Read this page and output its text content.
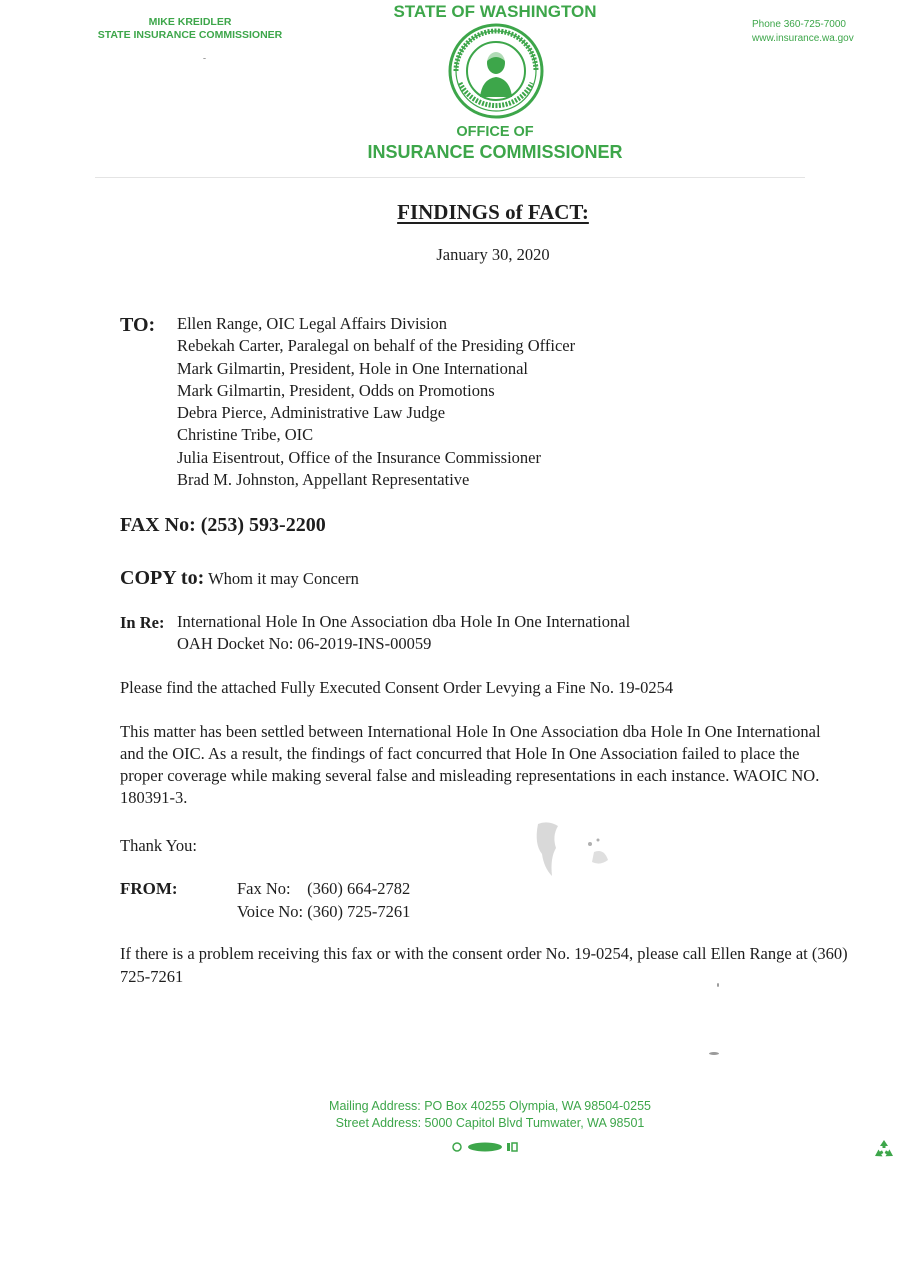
MIKE KREIDLER
STATE INSURANCE COMMISSIONER
STATE OF WASHINGTON
Phone 360-725-7000
www.insurance.wa.gov
OFFICE OF
INSURANCE COMMISSIONER
FINDINGS of FACT:
January 30, 2020
TO: Ellen Range, OIC Legal Affairs Division
Rebekah Carter, Paralegal on behalf of the Presiding Officer
Mark Gilmartin, President, Hole in One International
Mark Gilmartin, President, Odds on Promotions
Debra Pierce, Administrative Law Judge
Christine Tribe, OIC
Julia Eisentrout, Office of the Insurance Commissioner
Brad M. Johnston, Appellant Representative
FAX No: (253) 593-2200
COPY to: Whom it may Concern
In Re: International Hole In One Association dba Hole In One International
OAH Docket No: 06-2019-INS-00059
Please find the attached Fully Executed Consent Order Levying a Fine No. 19-0254
This matter has been settled between International Hole In One Association dba Hole In One International and the OIC. As a result, the findings of fact concurred that Hole In One Association failed to place the proper coverage while making several false and misleading representations in each instance. WAOIC NO. 180391-3.
Thank You:
FROM:	Fax No:    (360) 664-2782
Voice No: (360) 725-7261
If there is a problem receiving this fax or with the consent order No. 19-0254, please call Ellen Range at (360) 725-7261
Mailing Address: PO Box 40255 Olympia, WA 98504-0255
Street Address: 5000 Capitol Blvd Tumwater, WA 98501
